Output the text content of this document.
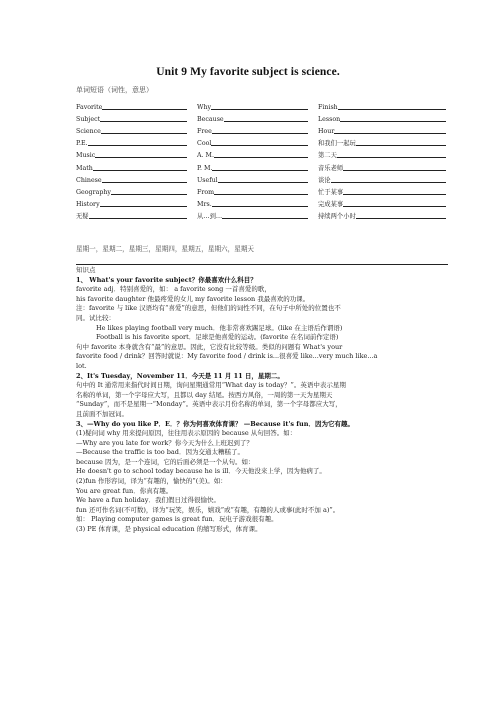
Unit 9 My favorite subject is science.
单词短语（词性，意思）
Favorite	Why	Finish
Subject	Because	Lesson
Science	Free	Hour
P.E.	Cool	和我们一起玩
Music	A. M.	第二天
Math	P. M.	音乐老师
Chinese	Useful	谈论
Geography	From	忙于某事
History	Mrs.	完成某事
无疑	从…到…	持续两个小时
星期一，星期二，星期三，星期四，星期五，星期六，星期天

知识点

1、 What's your favorite subject？你最喜欢什么科目？

favorite adj．特别喜爱的，如： a favorite song 一首喜爱的歌，

his favorite daughter 他最疼爱的女儿 my favorite lesson 我最喜欢的功课。

注：favorite 与 like 汉语均有“喜爱”的意思，但他们的词性不同，在句子中所处的位置也不

同。试比较：

He likes playing football very much．他非常喜欢踢足球。(like 在主语后作谓语)

Football is his favorite sport．足球是他喜爱的运动。(favorite 在名词前作定语)

句中 favorite 本身就含有“最”的意思。因此，它没有比较等级。类似的问题有 What's your

favorite food / drink？回答时就说：My favorite food / drink is...很喜爱 like...very much like...a

lot.

2、It's Tuesday，November 11．今天是 11 月 11 日，星期二。

句中的 It 通常用来指代时间日期，询问星期通常用“What day is today？”。英语中表示星期

名称的单词，第一个字母应大写，且都以 day 结尾。按西方风俗，一周的第一天为星期天

“Sunday”，而不是星期一“Monday”。英语中表示月份名称的单词，第一个字母都应大写，

且前面不加冠词。

3、—Why do you like P．E．？你为何喜欢体育课？ —Because it's fun．因为它有趣。

(1)疑问词 why 用来提问原因，往往用表示原因的 because 从句回答。如：

—Why are you late for work？你今天为什么上班迟到了？

—Because the traffic is too bad．因为交通太糟糕了。

because 因为，是一个连词，它的后面必须是一个从句。如：

He doesn't go to school today because he is ill．今天他没来上学，因为他病了。

(2)fun 作形容词，译为“有趣的，愉快的”(美)。如：

You are great fun．你真有趣。

We have a fun holiday．我们假日过得很愉快。

fun 还可作名词(不可数)，译为“玩笑，娱乐，嬉戏”或“有趣，有趣的人或事(此时不加 a)”。

如： Playing computer games is great fun．玩电子游戏很有趣。

(3) PE 体育课，是 physical education 的缩写形式，体育课。
